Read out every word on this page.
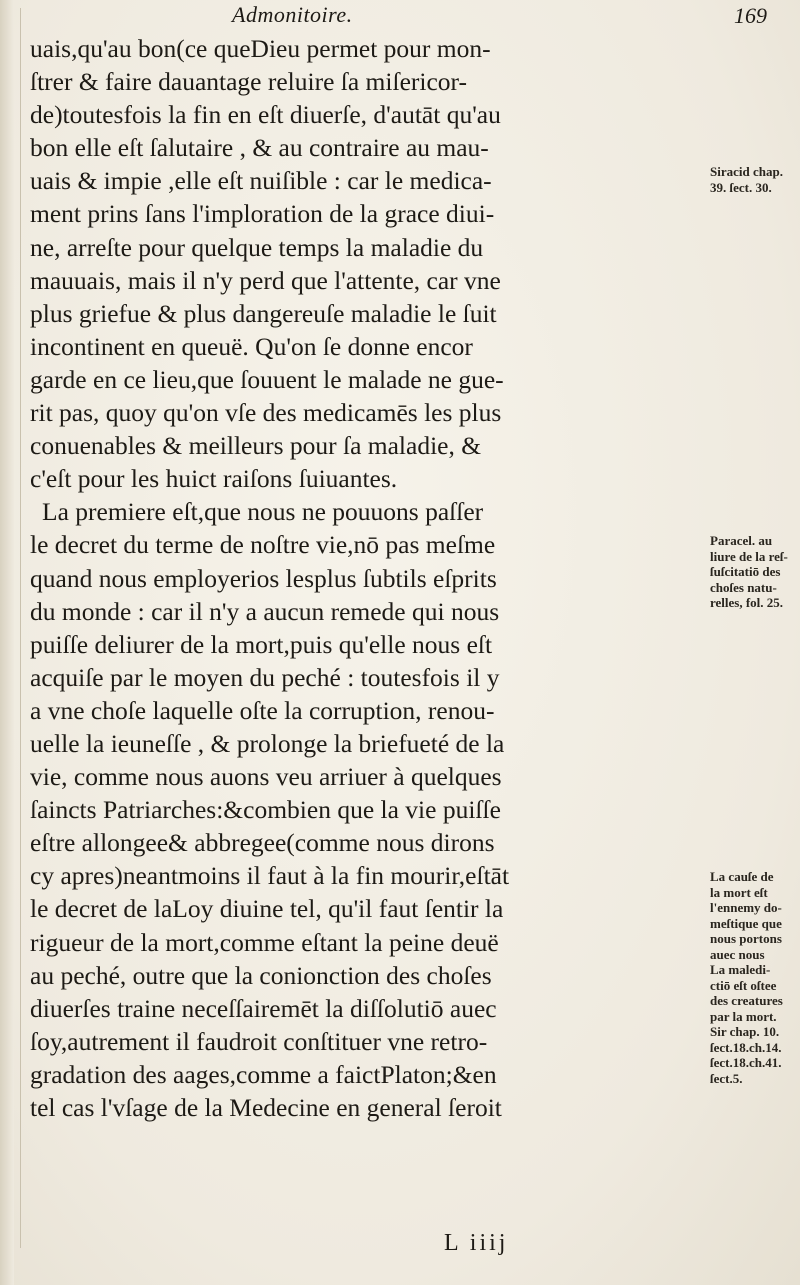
Admonitoire.	169
uais,qu'au bon(ce queDieu permet pour mon-
ſtrer & faire dauantage reluire ſa miſericor-
de)toutesfois la fin en eſt diuerſe, d'autāt qu'au
bon elle eſt ſalutaire , & au contraire au mau-
uais & impie ,elle eſt nuiſible : car le medica-
ment prins ſans l'imploration de la grace diui-
ne, arreſte pour quelque temps la maladie du
mauuais, mais il n'y perd que l'attente, car vne
plus griefue & plus dangereuſe maladie le ſuit
incontinent en queuë. Qu'on ſe donne encor
garde en ce lieu,que ſouuent le malade ne gue-
rit pas, quoy qu'on vſe des medicamēs les plus
conuenables & meilleurs pour ſa maladie, &
c'eſt pour les huict raiſons ſuiuantes.
La premiere eſt,que nous ne pouuons paſſer
le decret du terme de noſtre vie,nō pas meſme
quand nous employerios lesplus ſubtils eſprits
du monde : car il n'y a aucun remede qui nous
puiſſe deliurer de la mort,puis qu'elle nous eſt
acquiſe par le moyen du peché : toutesfois il y
a vne choſe laquelle oſte la corruption, renou-
uelle la ieuneſſe , & prolonge la briefueté de la
vie, comme nous auons veu arriuer à quelques
ſaincts Patriarches:&combien que la vie puiſſe
eſtre allongee& abbregee(comme nous dirons
cy apres)neantmoins il faut à la fin mourir,eſtāt
le decret de laLoy diuine tel, qu'il faut ſentir la
rigueur de la mort,comme eſtant la peine deuë
au peché, outre que la conionction des choſes
diuerſes traine neceſſairemēt la diſſolutiō auec
ſoy,autrement il faudroit conſtituer vne retro-
gradation des aages,comme a faictPlaton;&en
tel cas l'vſage de la Medecine en general ſeroit
Siracid chap.
39. ſect. 30.
Paracel. au
liure de la reſ-
ſuſcitatiō des
choſes natu-
relles, fol. 25.
La cauſe de
la mort eſt
l'ennemy do-
meſtique que
nous portons
auec nous
La maledi-
ctiō eſt oſtee
des creatures
par la mort.
Sir chap. 10.
ſect.18.ch.14.
ſect.18.ch.41.
ſect.5.
L iiij
